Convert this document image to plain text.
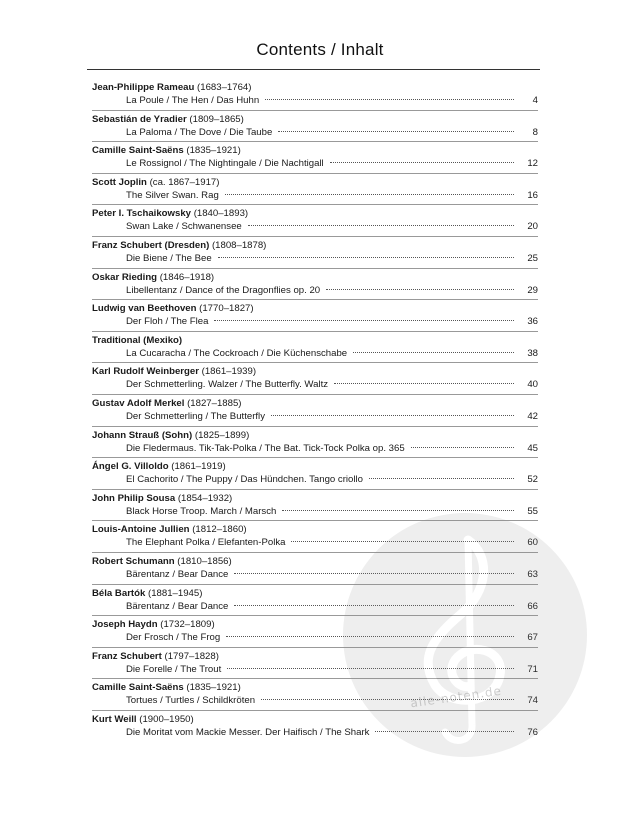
Contents / Inhalt
Jean-Philippe Rameau (1683–1764)
La Poule / The Hen / Das Huhn	4
Sebastián de Yradier (1809–1865)
La Paloma / The Dove / Die Taube	8
Camille Saint-Saëns (1835–1921)
Le Rossignol / The Nightingale / Die Nachtigall	12
Scott Joplin (ca. 1867–1917)
The Silver Swan. Rag	16
Peter I. Tschaikowsky (1840–1893)
Swan Lake / Schwanensee	20
Franz Schubert (Dresden) (1808–1878)
Die Biene / The Bee	25
Oskar Rieding (1846–1918)
Libellentanz / Dance of the Dragonflies op. 20	29
Ludwig van Beethoven (1770–1827)
Der Floh / The Flea	36
Traditional (Mexiko)
La Cucaracha / The Cockroach / Die Küchenschabe	38
Karl Rudolf Weinberger (1861–1939)
Der Schmetterling. Walzer / The Butterfly. Waltz	40
Gustav Adolf Merkel (1827–1885)
Der Schmetterling / The Butterfly	42
Johann Strauß (Sohn) (1825–1899)
Die Fledermaus. Tik-Tak-Polka / The Bat. Tick-Tock Polka op. 365	45
Ángel G. Villoldo (1861–1919)
El Cachorito / The Puppy / Das Hündchen. Tango criollo	52
John Philip Sousa (1854–1932)
Black Horse Troop. March / Marsch	55
Louis-Antoine Jullien (1812–1860)
The Elephant Polka / Elefanten-Polka	60
Robert Schumann (1810–1856)
Bärentanz / Bear Dance	63
Béla Bartók (1881–1945)
Bärentanz / Bear Dance	66
Joseph Haydn (1732–1809)
Der Frosch / The Frog	67
Franz Schubert (1797–1828)
Die Forelle / The Trout	71
Camille Saint-Saëns (1835–1921)
Tortues / Turtles / Schildkröten	74
Kurt Weill (1900–1950)
Die Moritat vom Mackie Messer. Der Haifisch / The Shark	76
alle-noten.de
